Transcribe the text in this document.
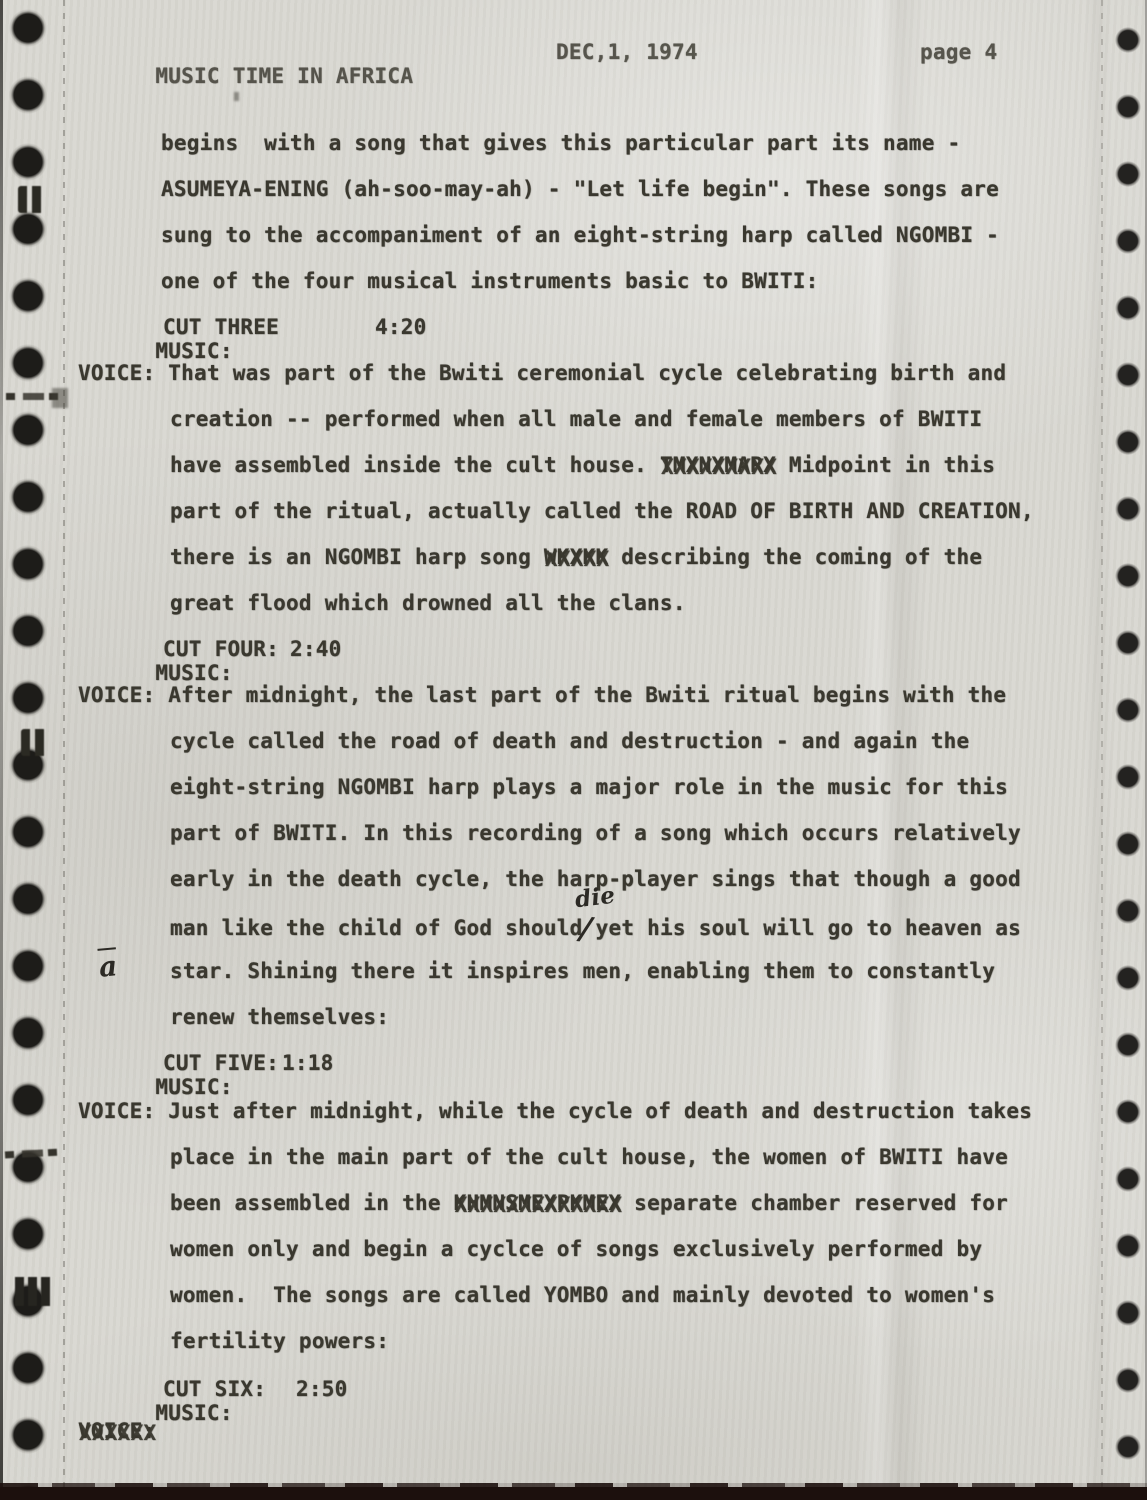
MUSIC TIME IN AFRICA

DEC,1, 1974

	page 4

begins  with a song that gives this particular part its name -
ASUMEYA-ENING (ah-soo-may-ah) - "Let life begin". These songs are
sung to the accompaniment of an eight-string harp called NGOMBI -
one of the four musical instruments basic to BWITI:

MUSIC:

CUT THREE

	4:20

VOICE: That was part of the Bwiti ceremonial cycle celebrating birth and
creation -- performed when all male and female members of BWITI
have assembled inside the cult house. TMXNXMARX XXXXXXXXX Midpoint in this
part of the ritual, actually called the ROAD OF BIRTH AND CREATION,
there is an NGOMBI harp song WKXKK XXXXX describing the coming of the
great flood which drowned all the clans.

MUSIC:

CUT FOUR:

2:40

VOICE: After midnight, the last part of the Bwiti ritual begins with the
cycle called the road of death and destruction - and again the
eight-string NGOMBI harp plays a major role in the music for this
part of BWITI. In this recording of a song which occurs relatively
early in the death cycle, the harp-player sings that though a good
man like the child of God should/
die
yet his soul will go to heaven as
star. Shining there it inspires men, enabling them to constantly
renew themselves:
$\overline{a}$

MUSIC:

CUT FIVE:

1:18

VOICE: Just after midnight, while the cycle of death and destruction takes
place in the main part of the cult house, the women of BWITI have
been assembled in the KHMNSMEXPKMEX XXXXXXXXXXXXX separate chamber reserved for
women only and begin a cyclce of songs exclusively performed by
women.  The songs are called YOMBO and mainly devoted to women's
fertility powers:

MUSIC:

CUT SIX:

2:50

VOICE: XXXXXX
